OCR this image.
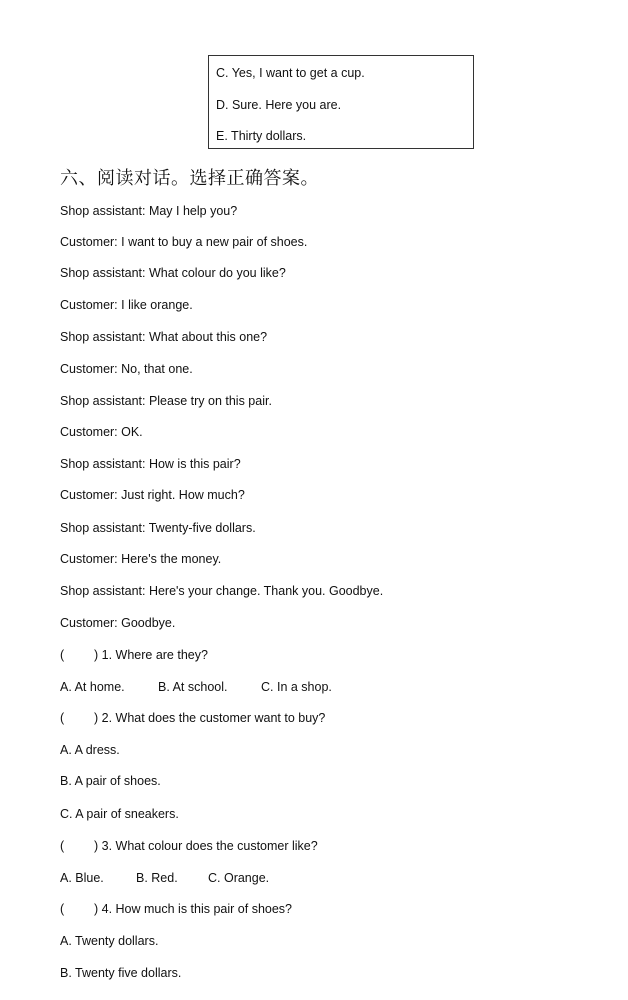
C. Yes, I want to get a cup.
D. Sure. Here you are.
E. Thirty dollars.
六、阅读对话。选择正确答案。
Shop assistant: May I help you?
Customer: I want to buy a new pair of shoes.
Shop assistant: What colour do you like?
Customer: I like orange.
Shop assistant: What about this one?
Customer: No, that one.
Shop assistant: Please try on this pair.
Customer: OK.
Shop assistant: How is this pair?
Customer: Just right. How much?
Shop assistant: Twenty-five dollars.
Customer: Here's the money.
Shop assistant: Here's your change. Thank you. Goodbye.
Customer: Goodbye.
( ) 1. Where are they?
A. At home.	B. At school.	C. In a shop.
( ) 2. What does the customer want to buy?
A. A dress.
B. A pair of shoes.
C. A pair of sneakers.
( ) 3. What colour does the customer like?
A. Blue.	B. Red. C. Orange.
( ) 4. How much is this pair of shoes?
A. Twenty dollars.
B. Twenty five dollars.
